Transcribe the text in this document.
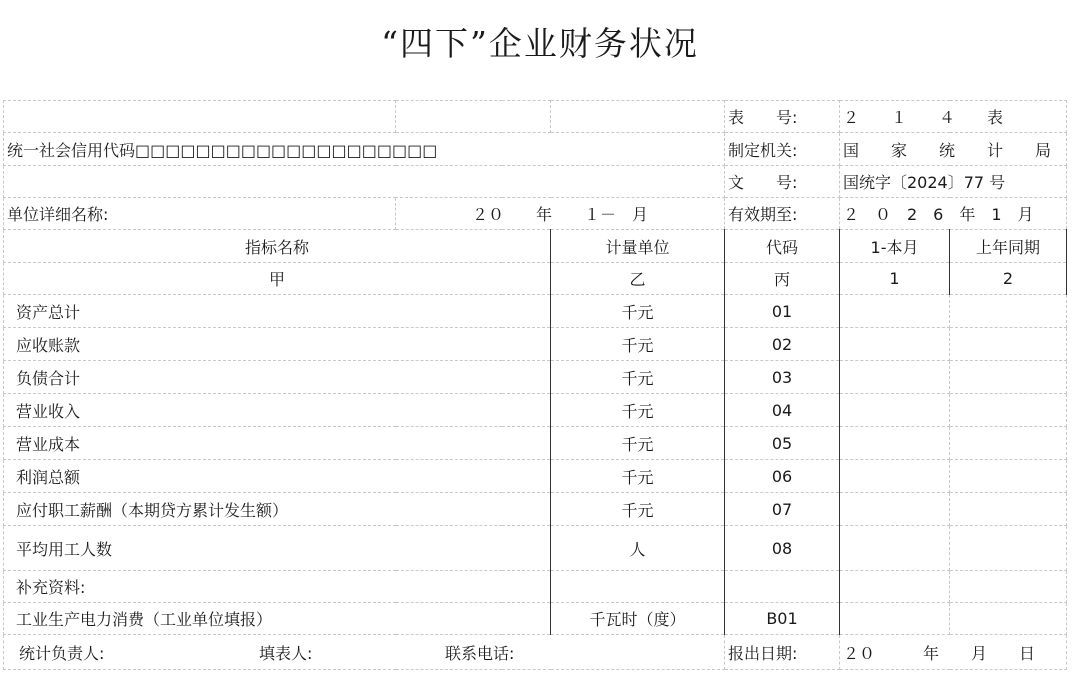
“四下”企业财务状况
			表　　号:	２　　１　　４　　表	
统一社会信用代码□□□□□□□□□□□□□□□□□□□□			制定机关:	国　　家　　统　　计　　局	
			文　　号:	国统字〔2024〕77 号	
单位详细名称:	２０　　年　　１－　月		有效期至:	２　０　2　6　年　1　月	
指标名称		计量单位	代码	1-本月	上年同期
甲		乙	丙	1	2
资产总计		千元	01		
应收账款		千元	02		
负债合计		千元	03		
营业收入		千元	04		
营业成本		千元	05		
利润总额		千元	06		
应付职工薪酬（本期贷方累计发生额）		千元	07		
平均用工人数		人	08		
补充资料:					
工业生产电力消费（工业单位填报）		千瓦时（度）	B01		

统计负责人: 填表人: 联系电话:			报出日期:	２０　　　年　　月　　日	
